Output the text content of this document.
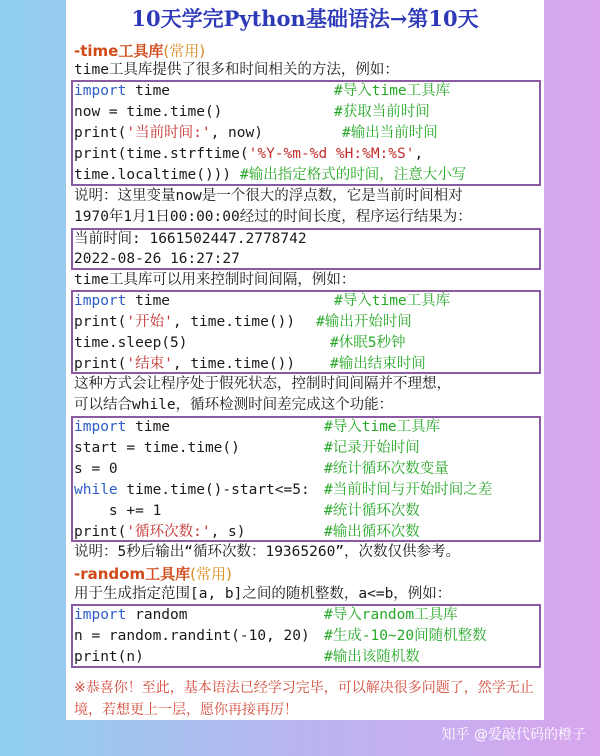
10天学完Python基础语法→第10天
-time工具库(常用)
time工具库提供了很多和时间相关的方法，例如：
import time	#导入time工具库
now = time.time()	#获取当前时间
print('当前时间:', now)	#输出当前时间
print(time.strftime('%Y-%m-%d %H:%M:%S',
time.localtime())) #输出指定格式的时间，注意大小写
说明：这里变量now是一个很大的浮点数，它是当前时间相对
1970年1月1日00:00:00经过的时间长度，程序运行结果为：
当前时间: 1661502447.2778742
2022-08-26 16:27:27
time工具库可以用来控制时间间隔，例如：
import time	#导入time工具库
print('开始', time.time()) #输出开始时间
time.sleep(5)	#休眠5秒钟
print('结束', time.time()) #输出结束时间
这种方式会让程序处于假死状态，控制时间间隔并不理想，
可以结合while，循环检测时间差完成这个功能：
import time	#导入time工具库
start = time.time()	#记录开始时间
s = 0	#统计循环次数变量
while time.time()-start<=5: #当前时间与开始时间之差
s += 1	#统计循环次数
print('循环次数:', s)	#输出循环次数
说明：5秒后输出“循环次数：19365260”，次数仅供参考。
-random工具库(常用)
用于生成指定范围[a, b]之间的随机整数，a<=b，例如：
import random	#导入random工具库
n = random.randint(-10, 20) #生成-10~20间随机整数
print(n)	#输出该随机数
※恭喜你！至此，基本语法已经学习完毕，可以解决很多问题了，然学无止境，若想更上一层，愿你再接再厉！
知乎 @爱敲代码的橙子
